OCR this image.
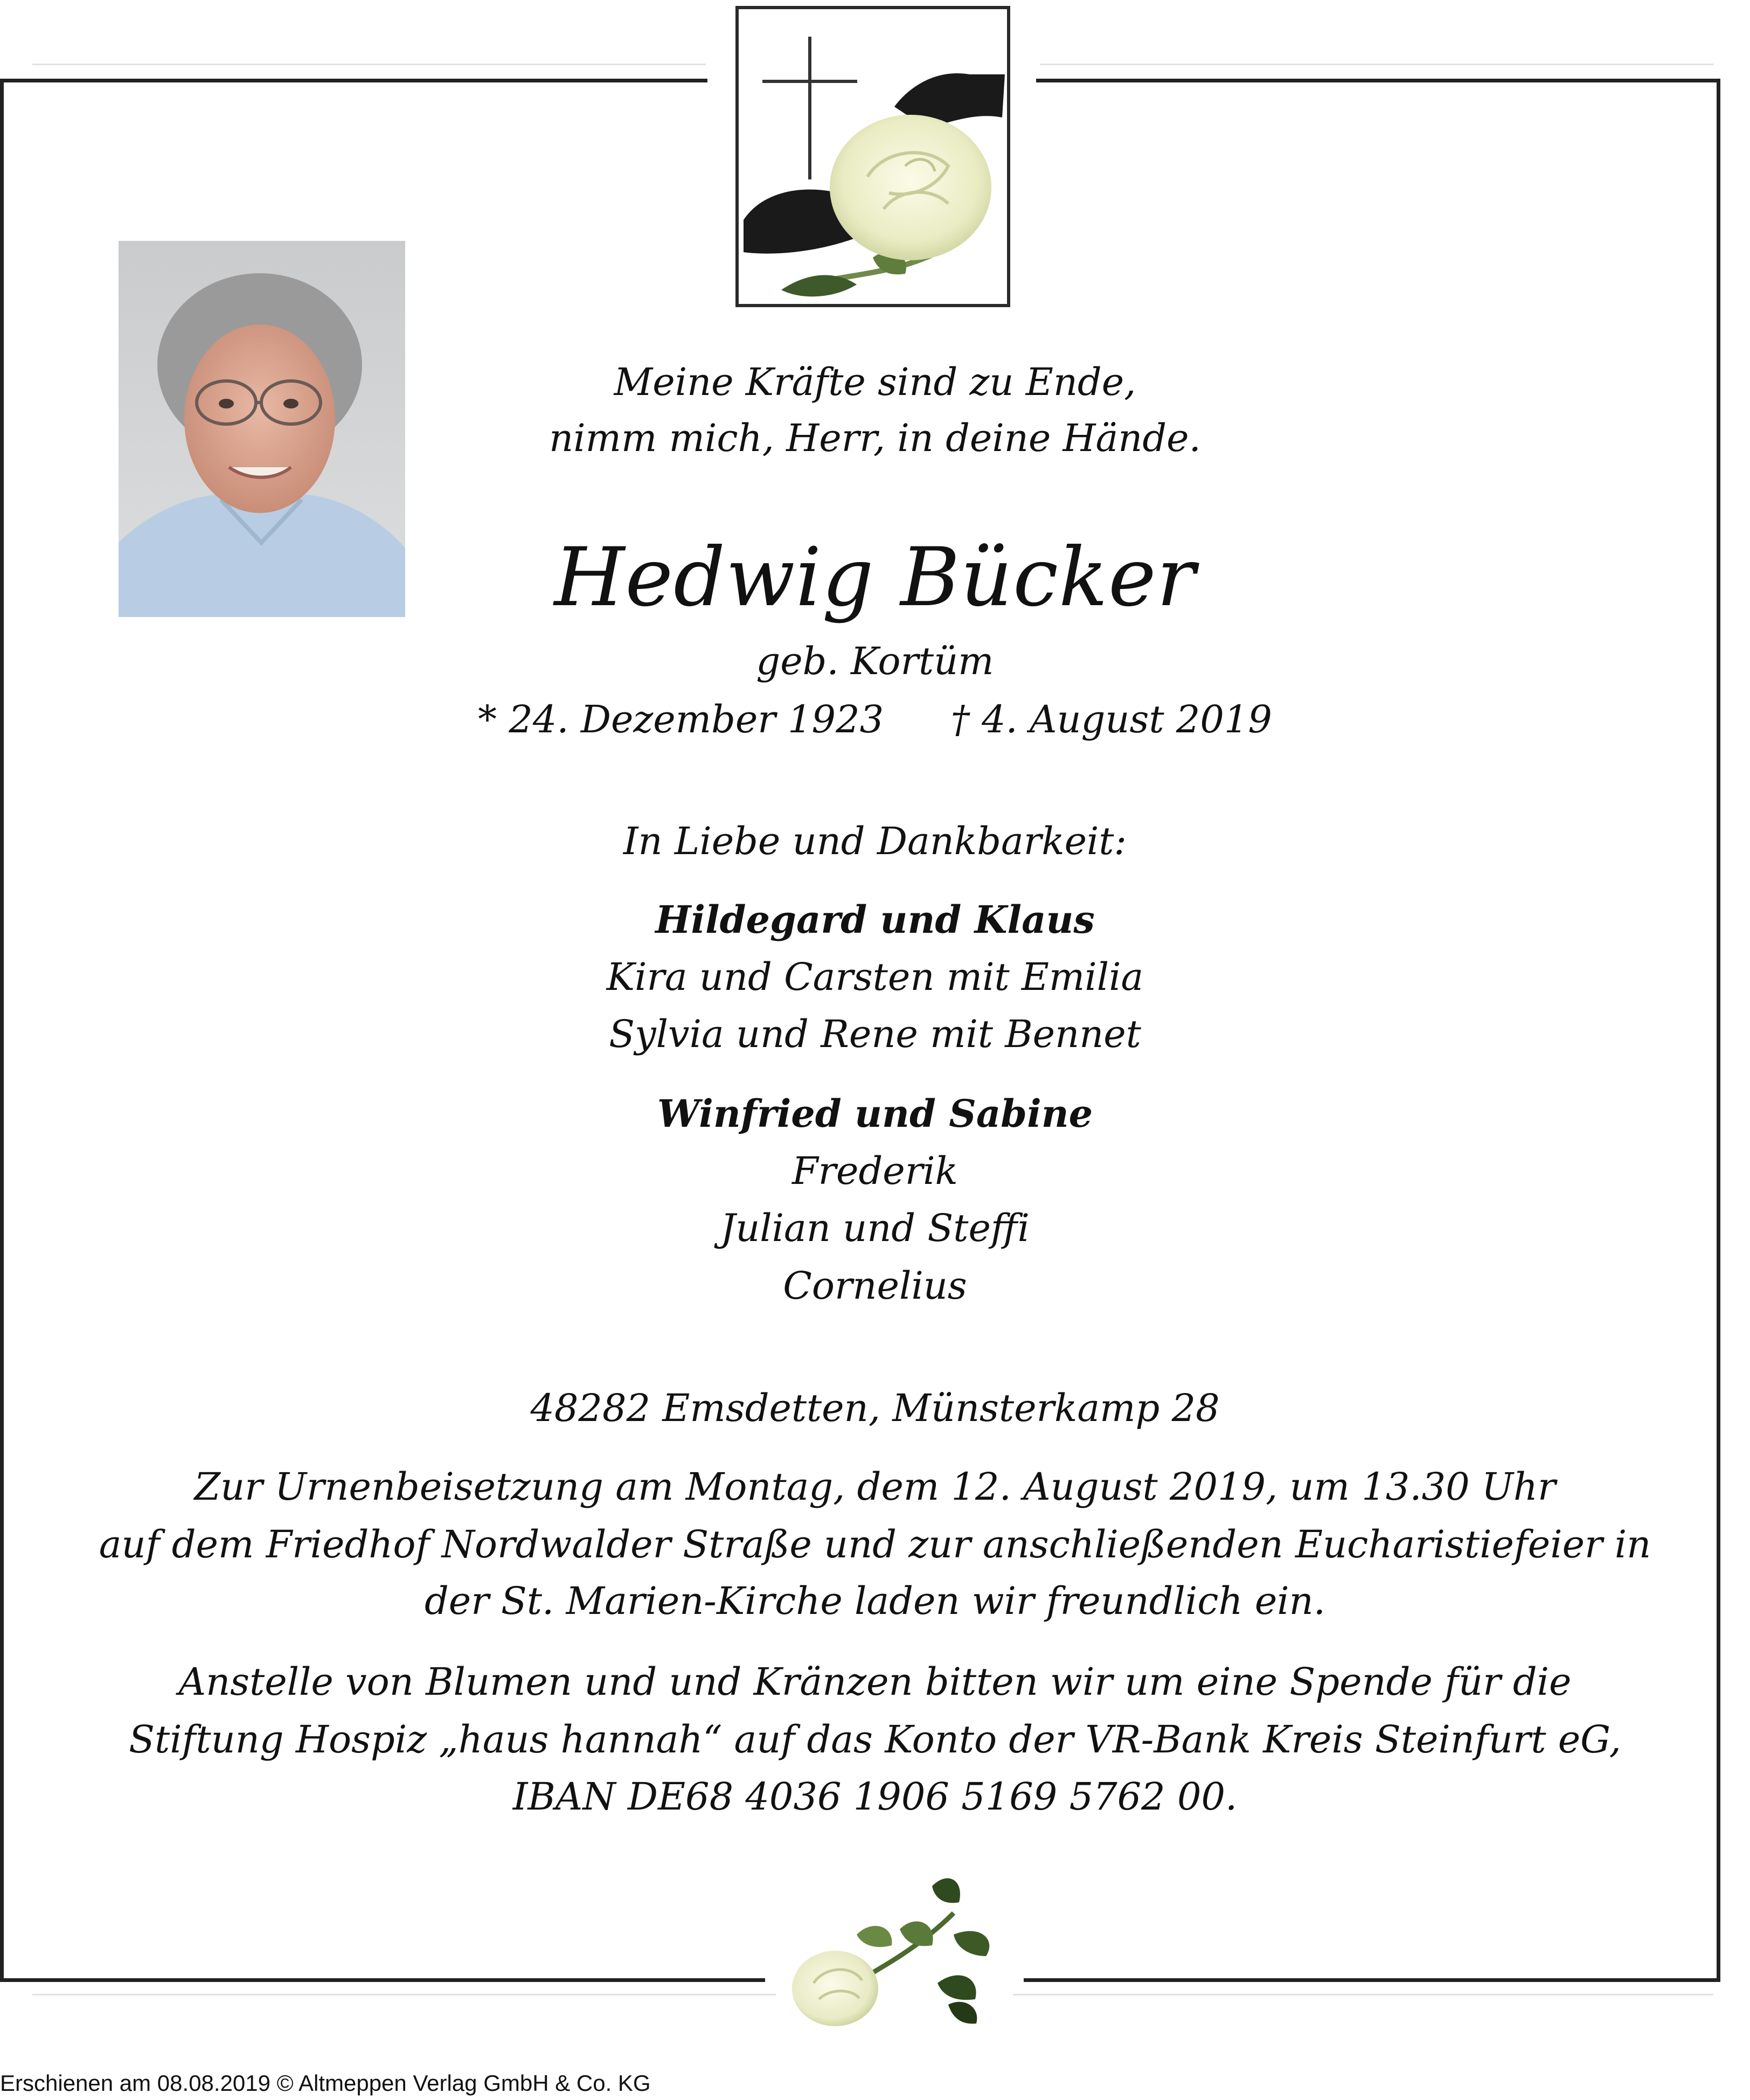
Meine Kräfte sind zu Ende,
nimm mich, Herr, in deine Hände.
Hedwig Bücker
geb. Kortüm
* 24. Dezember 1923 † 4. August 2019
In Liebe und Dankbarkeit:
Hildegard und Klaus
Kira und Carsten mit Emilia
Sylvia und Rene mit Bennet
Winfried und Sabine
Frederik
Julian und Steffi
Cornelius
48282 Emsdetten, Münsterkamp 28
Zur Urnenbeisetzung am Montag, dem 12. August 2019, um 13.30 Uhr
auf dem Friedhof Nordwalder Straße und zur anschließenden Eucharistiefeier in
der St. Marien-Kirche laden wir freundlich ein.
Anstelle von Blumen und und Kränzen bitten wir um eine Spende für die
Stiftung Hospiz „haus hannah“ auf das Konto der VR-Bank Kreis Steinfurt eG,
IBAN DE68 4036 1906 5169 5762 00.
Erschienen am 08.08.2019 © Altmeppen Verlag GmbH & Co. KG
